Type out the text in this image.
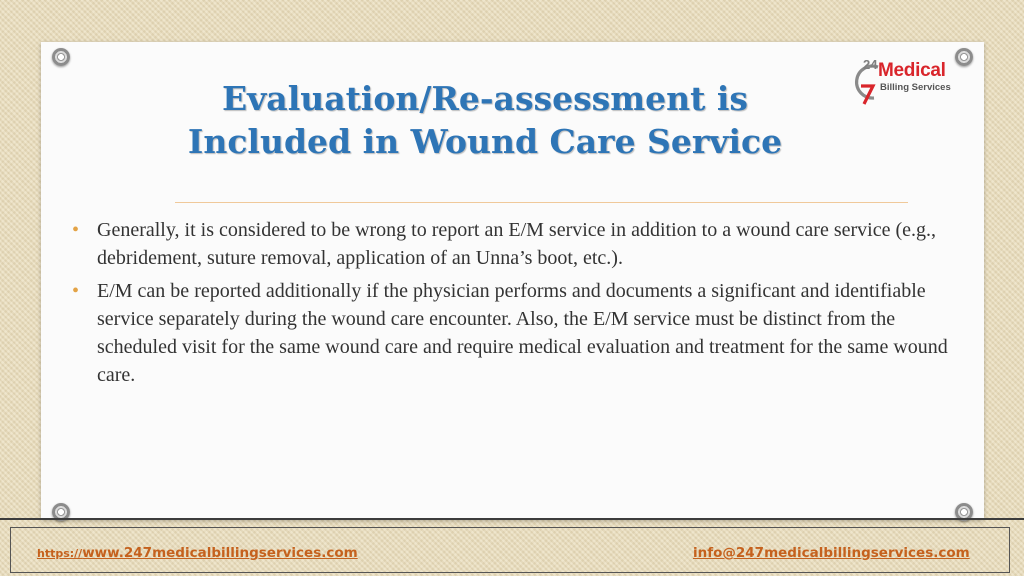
Evaluation/Re-assessment is
Included in Wound Care Service
24 Medical
Billing Services
• Generally, it is considered to be wrong to report an E/M service in addition to a wound care service (e.g., debridement, suture removal, application of an Unna’s boot, etc.).
• E/M can be reported additionally if the physician performs and documents a significant and identifiable service separately during the wound care encounter. Also, the E/M service must be distinct from the scheduled visit for the same wound care and require medical evaluation and treatment for the same wound care.
https://www.247medicalbillingservices.com	info@247medicalbillingservices.com
